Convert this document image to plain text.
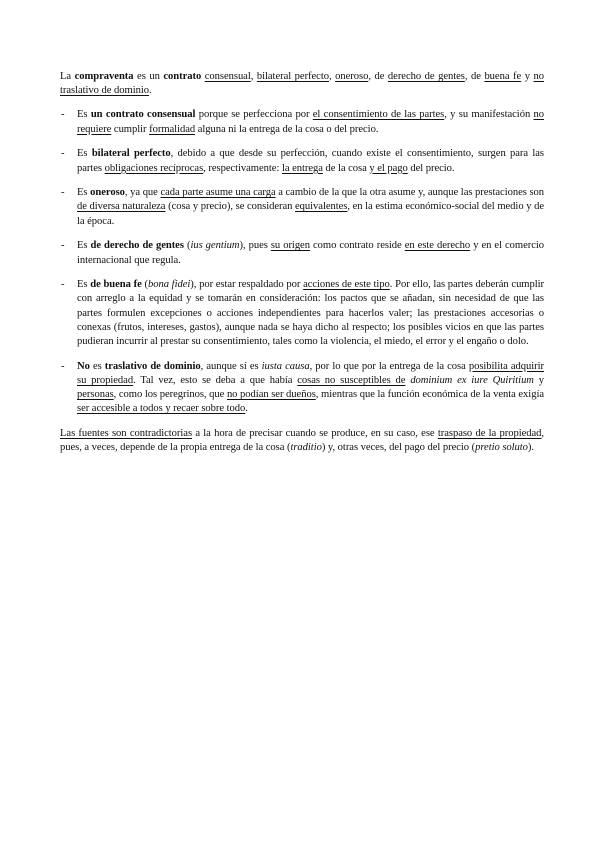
La compraventa es un contrato consensual, bilateral perfecto, oneroso, de derecho de gentes, de buena fe y no traslativo de dominio.

- Es un contrato consensual porque se perfecciona por el consentimiento de las partes, y su manifestación no requiere cumplir formalidad alguna ni la entrega de la cosa o del precio.
- Es bilateral perfecto, debido a que desde su perfección, cuando existe el consentimiento, surgen para las partes obligaciones recíprocas, respectivamente: la entrega de la cosa y el pago del precio.
- Es oneroso, ya que cada parte asume una carga a cambio de la que la otra asume y, aunque las prestaciones son de diversa naturaleza (cosa y precio), se consideran equivalentes, en la estima económico-social del medio y de la época.
- Es de derecho de gentes (ius gentium), pues su origen como contrato reside en este derecho y en el comercio internacional que regula.
- Es de buena fe (bona fidei), por estar respaldado por acciones de este tipo. Por ello, las partes deberán cumplir con arreglo a la equidad y se tomarán en consideración: los pactos que se añadan, sin necesidad de que las partes formulen excepciones o acciones independientes para hacerlos valer; las prestaciones accesorias o conexas (frutos, intereses, gastos), aunque nada se haya dicho al respecto; los posibles vicios en que las partes pudieran incurrir al prestar su consentimiento, tales como la violencia, el miedo, el error y el engaño o dolo.
- No es traslativo de dominio, aunque sí es iusta causa, por lo que por la entrega de la cosa posibilita adquirir su propiedad. Tal vez, esto se deba a que había cosas no susceptibles de dominium ex iure Quiritium y personas, como los peregrinos, que no podían ser dueños, mientras que la función económica de la venta exigía ser accesible a todos y recaer sobre todo.

Las fuentes son contradictorias a la hora de precisar cuando se produce, en su caso, ese traspaso de la propiedad, pues, a veces, depende de la propia entrega de la cosa (traditio) y, otras veces, del pago del precio (pretio soluto).
